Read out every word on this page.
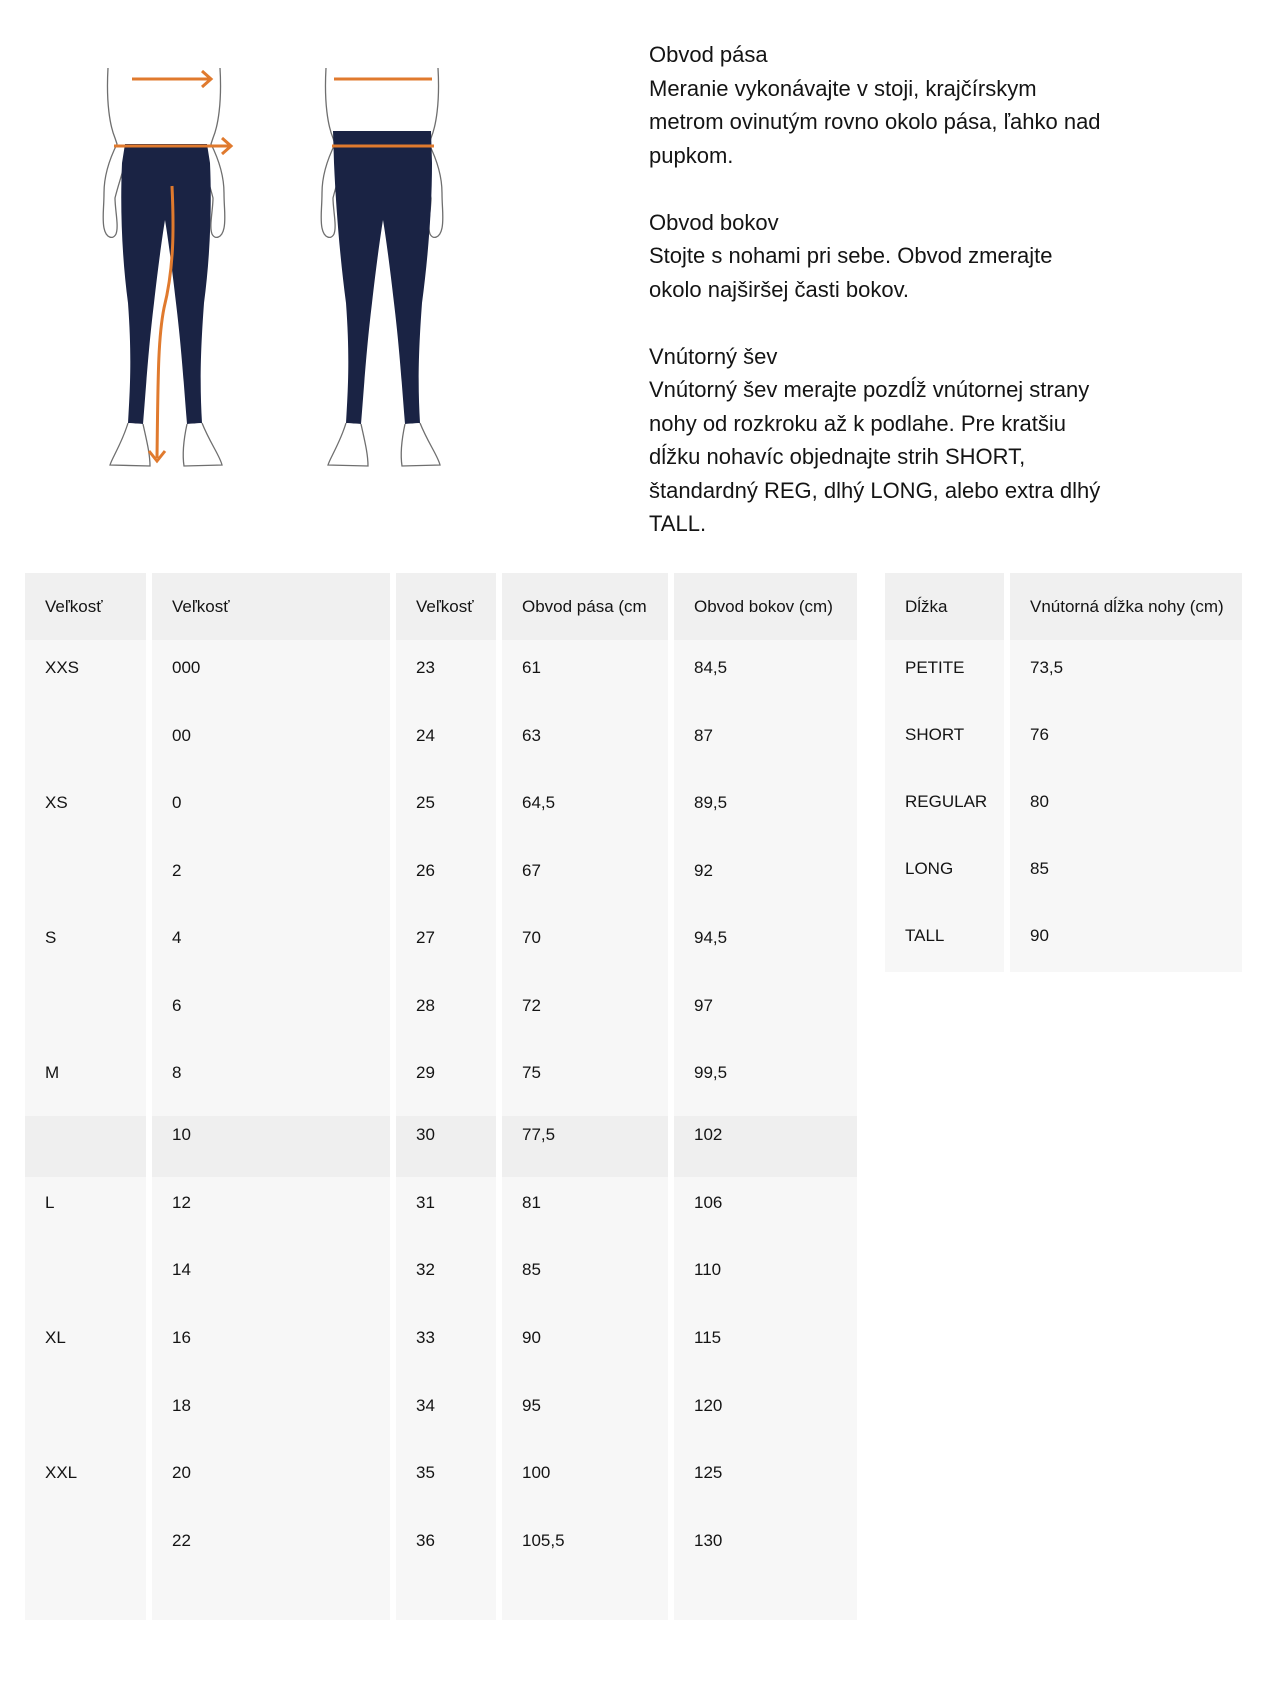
Obvod pása

Meranie vykonávajte v stoji, krajčírskym

metrom ovinutým rovno okolo pása, ľahko nad

pupkom.

Obvod bokov

Stojte s nohami pri sebe. Obvod zmerajte

okolo najširšej časti bokov.

Vnútorný šev

Vnútorný šev merajte pozdĺž vnútornej strany

nohy od rozkroku až k podlahe. Pre kratšiu

dĺžku nohavíc objednajte strih SHORT,

štandardný REG, dlhý LONG, alebo extra dlhý

TALL.

Veľkosť
XXS
XS
S
M
L
XL
XXL
Veľkosť
000
00
0
2
4
6
8
10
12
14
16
18
20
22
Veľkosť
23
24
25
26
27
28
29
30
31
32
33
34
35
36
Obvod pása (cm
61
63
64,5
67
70
72
75
77,5
81
85
90
95
100
105,5
Obvod bokov (cm)
84,5
87
89,5
92
94,5
97
99,5
102
106
110
115
120
125
130
Dĺžka
PETITE
SHORT
REGULAR
LONG
TALL
Vnútorná dĺžka nohy (cm)
73,5
76
80
85
90
